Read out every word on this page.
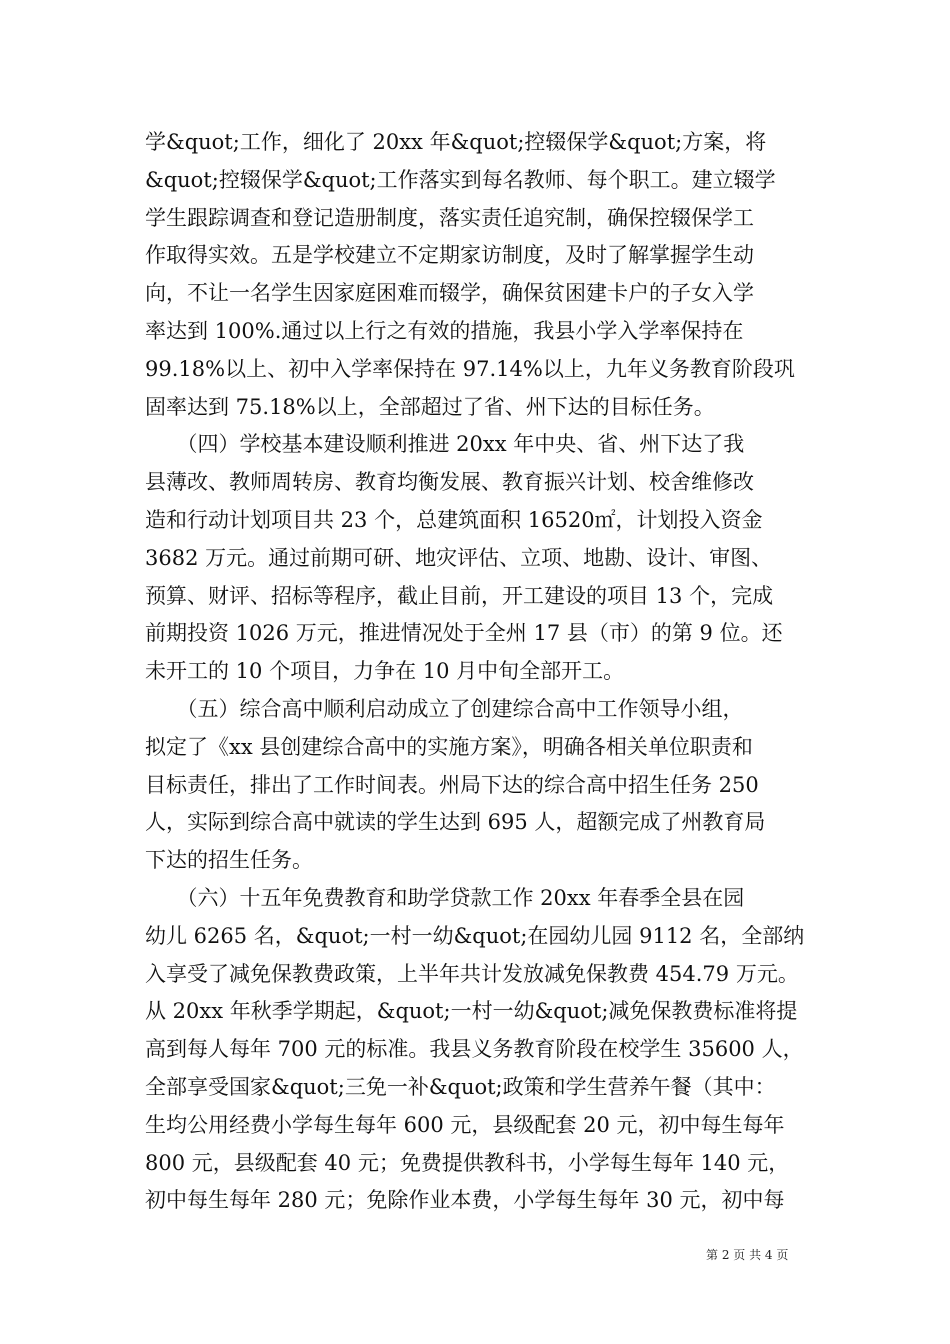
学&quot;工作，细化了 20xx 年&quot;控辍保学&quot;方案，将
&quot;控辍保学&quot;工作落实到每名教师、每个职工。建立辍学
学生跟踪调查和登记造册制度，落实责任追究制，确保控辍保学工
作取得实效。五是学校建立不定期家访制度，及时了解掌握学生动
向，不让一名学生因家庭困难而辍学，确保贫困建卡户的子女入学
率达到 100%.通过以上行之有效的措施，我县小学入学率保持在
99.18%以上、初中入学率保持在 97.14%以上，九年义务教育阶段巩
固率达到 75.18%以上，全部超过了省、州下达的目标任务。
　　（四）学校基本建设顺利推进 20xx 年中央、省、州下达了我
县薄改、教师周转房、教育均衡发展、教育振兴计划、校舍维修改
造和行动计划项目共 23 个，总建筑面积 16520㎡，计划投入资金
3682 万元。通过前期可研、地灾评估、立项、地勘、设计、审图、
预算、财评、招标等程序，截止目前，开工建设的项目 13 个，完成
前期投资 1026 万元，推进情况处于全州 17 县（市）的第 9 位。还
未开工的 10 个项目，力争在 10 月中旬全部开工。
　　（五）综合高中顺利启动成立了创建综合高中工作领导小组，
拟定了《xx 县创建综合高中的实施方案》，明确各相关单位职责和
目标责任，排出了工作时间表。州局下达的综合高中招生任务 250
人，实际到综合高中就读的学生达到 695 人，超额完成了州教育局
下达的招生任务。
　　（六）十五年免费教育和助学贷款工作 20xx 年春季全县在园
幼儿 6265 名，&quot;一村一幼&quot;在园幼儿园 9112 名，全部纳
入享受了减免保教费政策，上半年共计发放减免保教费 454.79 万元。
从 20xx 年秋季学期起，&quot;一村一幼&quot;减免保教费标准将提
高到每人每年 700 元的标准。我县义务教育阶段在校学生 35600 人，
全部享受国家&quot;三免一补&quot;政策和学生营养午餐（其中：
生均公用经费小学每生每年 600 元，县级配套 20 元，初中每生每年
800 元，县级配套 40 元；免费提供教科书，小学每生每年 140 元，
初中每生每年 280 元；免除作业本费，小学每生每年 30 元，初中每
第 2 页 共 4 页
